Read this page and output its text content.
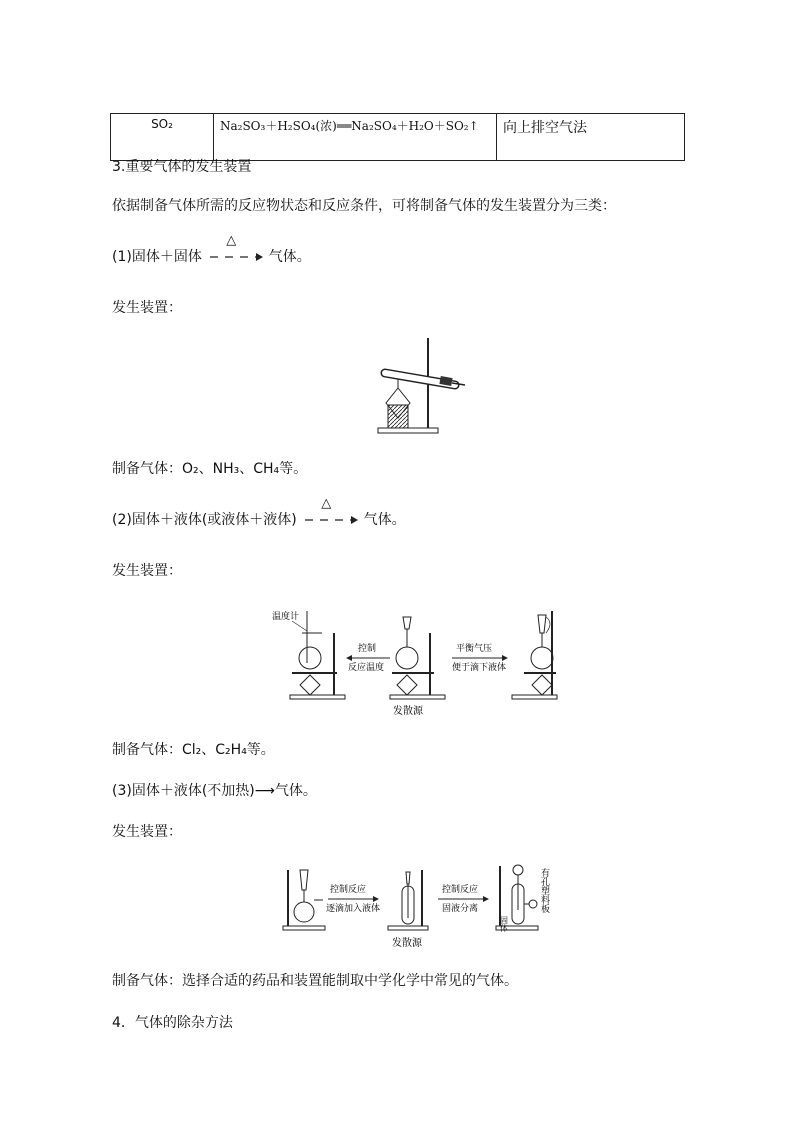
SO₂	Na₂SO₃＋H₂SO₄(浓)══Na₂SO₄＋H₂O＋SO₂↑	向上排空气法
3.重要气体的发生装置
依据制备气体所需的反应物状态和反应条件，可将制备气体的发生装置分为三类：
(1)固体＋固体
△
气体。
发生装置：
制备气体：O₂、NH₃、CH₄等。
(2)固体＋液体(或液体＋液体)
△
气体。
发生装置：
温度计
控制
反应温度
发散源
平衡气压
便于滴下液体
制备气体：Cl₂、C₂H₄等。
(3)固体＋液体(不加热)⟶气体。
发生装置：
控制反应
逐滴加入液体
发散源
控制反应
固液分离
固体
有孔塑料板
制备气体：选择合适的药品和装置能制取中学化学中常见的气体。
4．气体的除杂方法
